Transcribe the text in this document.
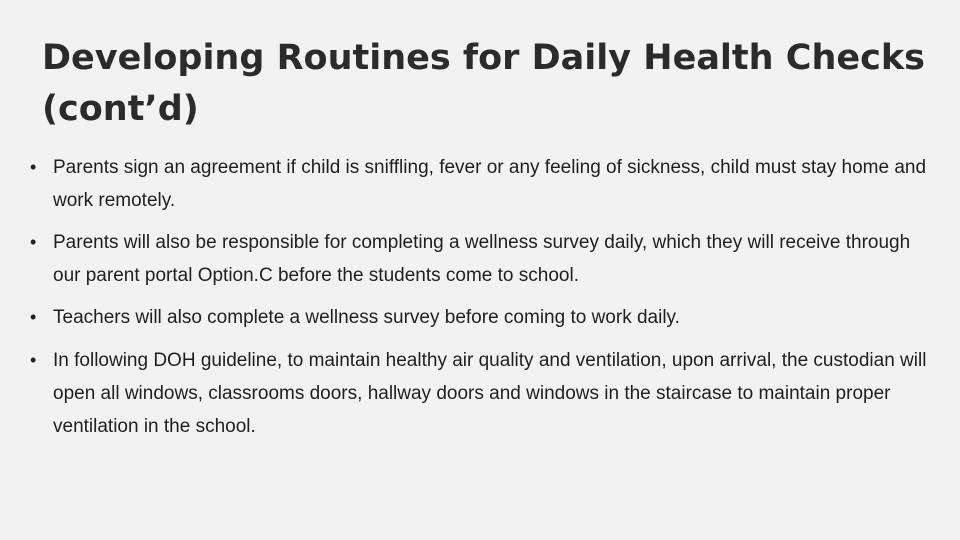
Developing Routines for Daily Health Checks (cont’d)
• Parents sign an agreement if child is sniffling, fever or any feeling of sickness, child must stay home and work remotely.
• Parents will also be responsible for completing a wellness survey daily, which they will receive through our parent portal Option.C before the students come to school.
• Teachers will also complete a wellness survey before coming to work daily.
• In following DOH guideline, to maintain healthy air quality and ventilation, upon arrival, the custodian will open all windows, classrooms doors, hallway doors and windows in the staircase to maintain proper ventilation in the school.
